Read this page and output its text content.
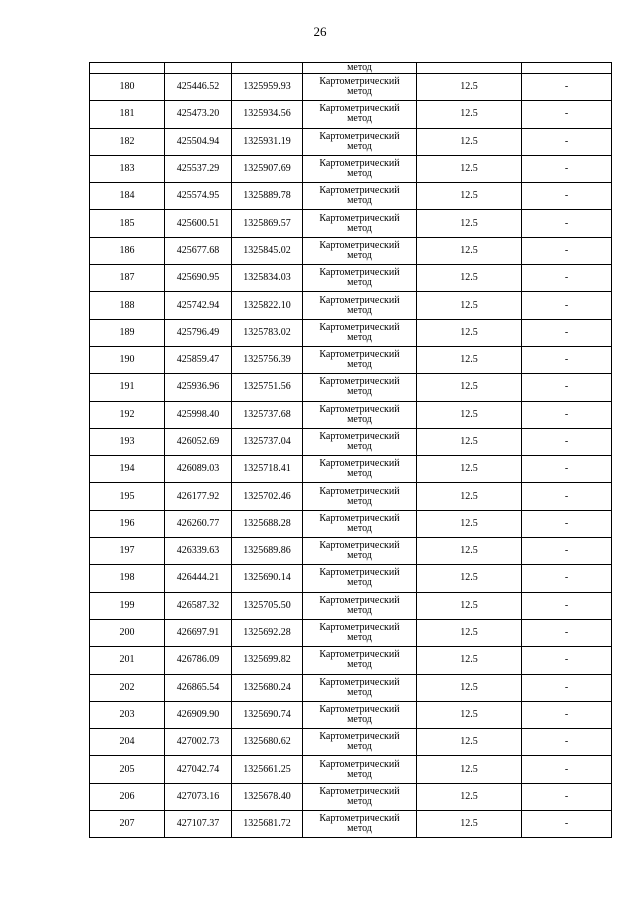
26
			метод		
180	425446.52	1325959.93	Картометрический
метод	12.5	-
181	425473.20	1325934.56	Картометрический
метод	12.5	-
182	425504.94	1325931.19	Картометрический
метод	12.5	-
183	425537.29	1325907.69	Картометрический
метод	12.5	-
184	425574.95	1325889.78	Картометрический
метод	12.5	-
185	425600.51	1325869.57	Картометрический
метод	12.5	-
186	425677.68	1325845.02	Картометрический
метод	12.5	-
187	425690.95	1325834.03	Картометрический
метод	12.5	-
188	425742.94	1325822.10	Картометрический
метод	12.5	-
189	425796.49	1325783.02	Картометрический
метод	12.5	-
190	425859.47	1325756.39	Картометрический
метод	12.5	-
191	425936.96	1325751.56	Картометрический
метод	12.5	-
192	425998.40	1325737.68	Картометрический
метод	12.5	-
193	426052.69	1325737.04	Картометрический
метод	12.5	-
194	426089.03	1325718.41	Картометрический
метод	12.5	-
195	426177.92	1325702.46	Картометрический
метод	12.5	-
196	426260.77	1325688.28	Картометрический
метод	12.5	-
197	426339.63	1325689.86	Картометрический
метод	12.5	-
198	426444.21	1325690.14	Картометрический
метод	12.5	-
199	426587.32	1325705.50	Картометрический
метод	12.5	-
200	426697.91	1325692.28	Картометрический
метод	12.5	-
201	426786.09	1325699.82	Картометрический
метод	12.5	-
202	426865.54	1325680.24	Картометрический
метод	12.5	-
203	426909.90	1325690.74	Картометрический
метод	12.5	-
204	427002.73	1325680.62	Картометрический
метод	12.5	-
205	427042.74	1325661.25	Картометрический
метод	12.5	-
206	427073.16	1325678.40	Картометрический
метод	12.5	-
207	427107.37	1325681.72	Картометрический
метод	12.5	-
